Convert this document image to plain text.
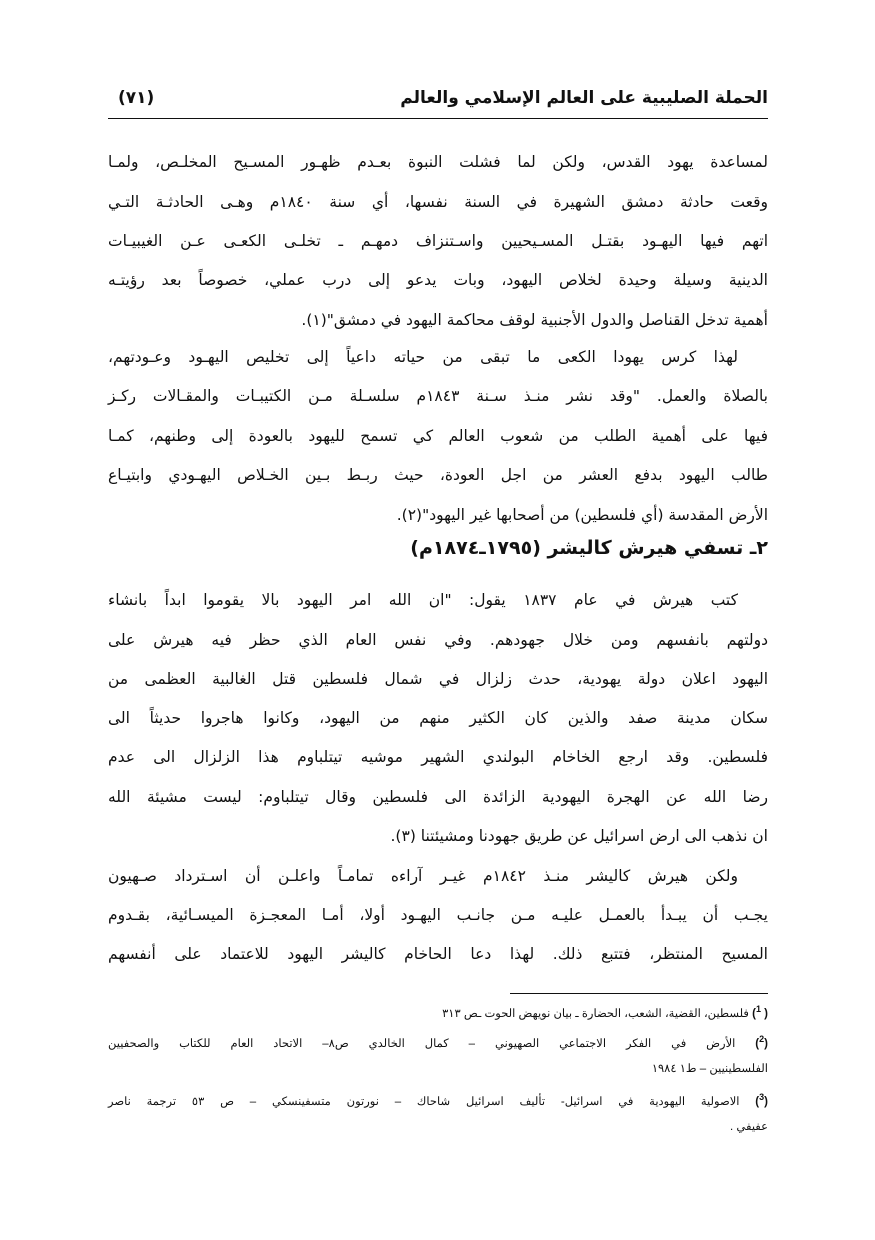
الحملة الصليبية على العالم الإسلامي والعالم
(٧١)
لمساعدة يهود القدس، ولكن لما فشلت النبوة بعـدم ظهـور المسـيح المخلـص، ولمـا
وقعت حادثة دمشق الشهيرة في السنة نفسها، أي سنة ١٨٤٠م وهـى الحادثـة التـي
اتهم فيها اليهـود بقتـل المسـيحيين واسـتنزاف دمهـم ـ تخلـى الكعـى عـن الغيبيـات
الدينية وسيلة وحيدة لخلاص اليهود، وبات يدعو إلى درب عملي، خصوصاً بعد رؤيتـه
أهمية تدخل القناصل والدول الأجنبية لوقف محاكمة اليهود في دمشق"(١).
لهذا كرس يهودا الكعى ما تبقى من حياته داعياً إلى تخليص اليهـود وعـودتهم،
بالصلاة والعمل. "وقد نشر منـذ سـنة ١٨٤٣م سلسـلة مـن الكتيبـات والمقـالات ركـز
فيها على أهمية الطلب من شعوب العالم كي تسمح لليهود بالعودة إلى وطنهم، كمـا
طالب اليهود بدفع العشر من اجل العودة، حيث ربـط بـين الخـلاص اليهـودي وابتيـاع
الأرض المقدسة (أي فلسطين) من أصحابها غير اليهود"(٢).
٢ـ تسفي هيرش كاليشر (١٧٩٥ـ١٨٧٤م)
كتب هيرش في عام ١٨٣٧ يقول: "ان الله امر اليهود بالا يقوموا ابداً بانشاء
دولتهم بانفسهم ومن خلال جهودهم. وفي نفس العام الذي حظر فيه هيرش على
اليهود اعلان دولة يهودية، حدث زلزال في شمال فلسطين قتل الغالبية العظمى من
سكان مدينة صفد والذين كان الكثير منهم من اليهود، وكانوا هاجروا حديثاً الى
فلسطين. وقد ارجع الخاخام البولندي الشهير موشيه تيتلباوم هذا الزلزال الى عدم
رضا الله عن الهجرة اليهودية الزائدة الى فلسطين وقال تيتلباوم: ليست مشيئة الله
ان نذهب الى ارض اسرائيل عن طريق جهودنا ومشيئتنا (٣).
ولكن هيرش كاليشر منـذ ١٨٤٢م غيـر آراءه تمامـاً واعلـن أن اسـترداد صـهيون
يجـب أن يبـدأ بالعمـل عليـه مـن جانـب اليهـود أولا، أمـا المعجـزة الميسـائية، بقـدوم
المسيح المنتظر، فتتبع ذلك. لهذا دعا الحاخام كاليشر اليهود للاعتماد على أنفسهم
( $^1$) فلسطين، القضية، الشعب، الحضارة ـ بيان نويهض الحوت ـص ٣١٣
($^2$) الأرض في الفكر الاجتماعي الصهيوني – كمال الخالدي ص٨– الاتحاد العام للكتاب والصحفيين
الفلسطينيين – ط١ ١٩٨٤
($^3$) الاصولية اليهودية في اسرائيل- تأليف اسرائيل شاحاك – نورتون متسفينسكي – ص ٥٣ ترجمة ناصر
عفيفي .
